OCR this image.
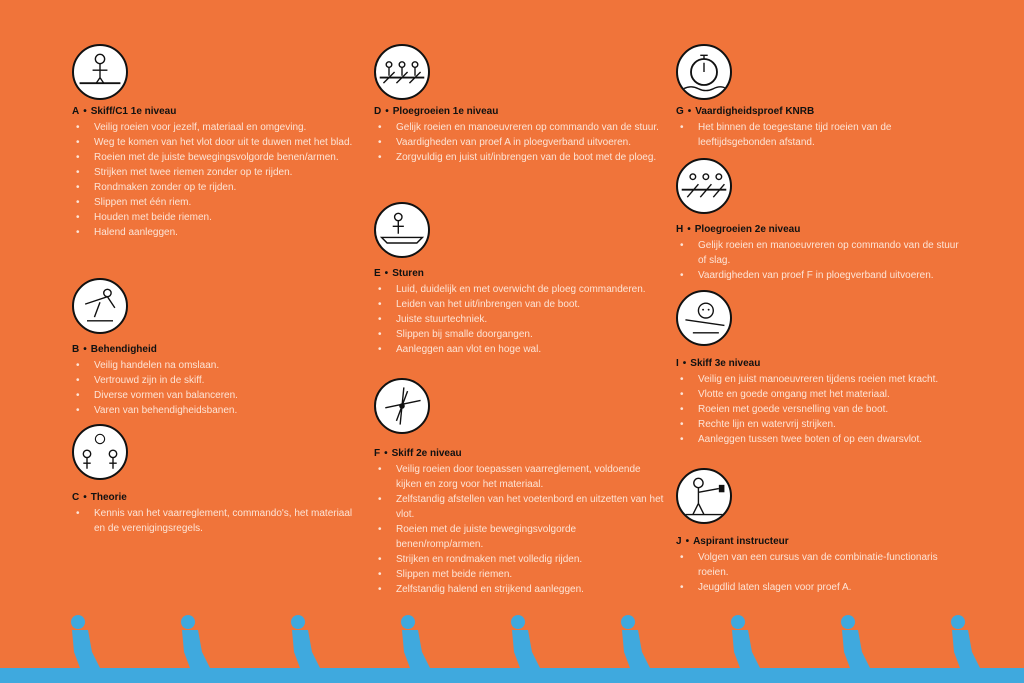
A • Skiff/C1 1e niveau
• Veilig roeien voor jezelf, materiaal en omgeving.
• Weg te komen van het vlot door uit te duwen met het blad.
• Roeien met de juiste bewegingsvolgorde benen/armen.
• Strijken met twee riemen zonder op te rijden.
• Rondmaken zonder op te rijden.
• Slippen met één riem.
• Houden met beide riemen.
• Halend aanleggen.
B • Behendigheid
• Veilig handelen na omslaan.
• Vertrouwd zijn in de skiff.
• Diverse vormen van balanceren.
• Varen van behendigheidsbanen.
C • Theorie
• Kennis van het vaarreglement, commando's, het materiaal en de verenigingsregels.
D • Ploegroeien 1e niveau
• Gelijk roeien en manoeuvreren op commando van de stuur.
• Vaardigheden van proef A in ploegverband uitvoeren.
• Zorgvuldig en juist uit/inbrengen van de boot met de ploeg.
E • Sturen
• Luid, duidelijk en met overwicht de ploeg commanderen.
• Leiden van het uit/inbrengen van de boot.
• Juiste stuurtechniek.
• Slippen bij smalle doorgangen.
• Aanleggen aan vlot en hoge wal.
F • Skiff 2e niveau
• Veilig roeien door toepassen vaarreglement, voldoende kijken en zorg voor het materiaal.
• Zelfstandig afstellen van het voetenbord en uitzetten van het vlot.
• Roeien met de juiste bewegingsvolgorde benen/romp/armen.
• Strijken en rondmaken met volledig rijden.
• Slippen met beide riemen.
• Zelfstandig halend en strijkend aanleggen.
G • Vaardigheidsproef KNRB
• Het binnen de toegestane tijd roeien van de leeftijdsgebonden afstand.
H • Ploegroeien 2e niveau
• Gelijk roeien en manoeuvreren op commando van de stuur of slag.
• Vaardigheden van proef F in ploegverband uitvoeren.
I • Skiff 3e niveau
• Veilig en juist manoeuvreren tijdens roeien met kracht.
• Vlotte en goede omgang met het materiaal.
• Roeien met goede versnelling van de boot.
• Rechte lijn en watervrij strijken.
• Aanleggen tussen twee boten of op een dwarsvlot.
J • Aspirant instructeur
• Volgen van een cursus van de combinatie-functionaris roeien.
• Jeugdlid laten slagen voor proef A.
